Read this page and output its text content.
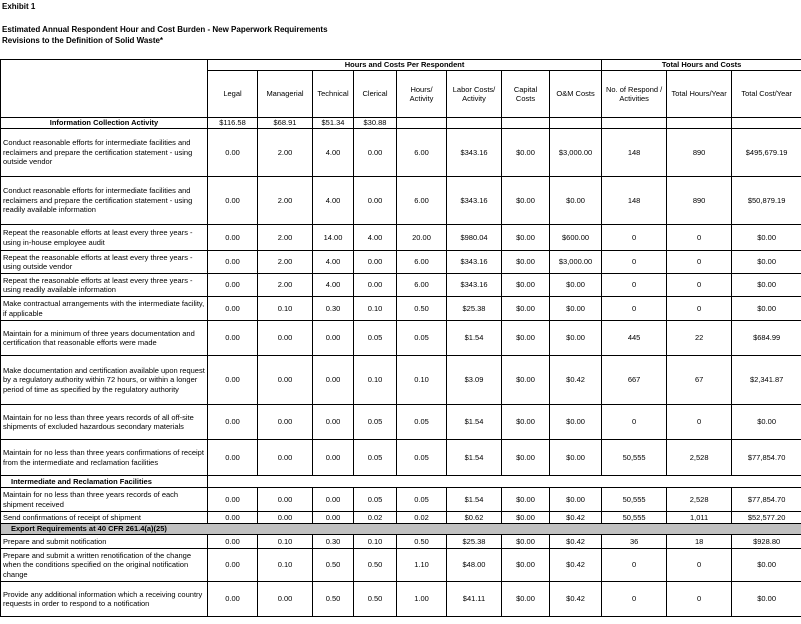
Exhibit 1
Estimated Annual Respondent Hour and Cost Burden - New Paperwork Requirements
Revisions to the Definition of Solid Waste*
	Hours and Costs Per Respondent								Total Hours and Costs		
	Legal	Managerial	Technical	Clerical	Hours/ Activity	Labor Costs/ Activity	Capital Costs	O&M Costs	No. of Respond / Activities	Total Hours/Year	Total Cost/Year
Information Collection Activity	$116.58	$68.91	$51.34	$30.88							
Conduct reasonable efforts for intermediate facilities and reclaimers and prepare the certification statement - using outside vendor	0.00	2.00	4.00	0.00	6.00	$343.16	$0.00	$3,000.00	148	890	$495,679.19
Conduct reasonable efforts for intermediate facilities and reclaimers and prepare the certification statement - using readily available information	0.00	2.00	4.00	0.00	6.00	$343.16	$0.00	$0.00	148	890	$50,879.19
Repeat the reasonable efforts at least every three years - using in-house employee audit	0.00	2.00	14.00	4.00	20.00	$980.04	$0.00	$600.00	0	0	$0.00
Repeat the reasonable efforts at least every three years - using outside vendor	0.00	2.00	4.00	0.00	6.00	$343.16	$0.00	$3,000.00	0	0	$0.00
Repeat the reasonable efforts at least every three years - using readily available information	0.00	2.00	4.00	0.00	6.00	$343.16	$0.00	$0.00	0	0	$0.00
Make contractual arrangements with the intermediate facility, if applicable	0.00	0.10	0.30	0.10	0.50	$25.38	$0.00	$0.00	0	0	$0.00
Maintain for a minimum of three years documentation and certification that reasonable efforts were made	0.00	0.00	0.00	0.05	0.05	$1.54	$0.00	$0.00	445	22	$684.99
Make documentation and certification available upon request by a regulatory authority within 72 hours, or within a longer period of time as specified by the regulatory authority	0.00	0.00	0.00	0.10	0.10	$3.09	$0.00	$0.42	667	67	$2,341.87
Maintain for no less than three years records of all off-site shipments of excluded hazardous secondary materials	0.00	0.00	0.00	0.05	0.05	$1.54	$0.00	$0.00	0	0	$0.00
Maintain for no less than three years confirmations of receipt from the intermediate and reclamation facilities	0.00	0.00	0.00	0.05	0.05	$1.54	$0.00	$0.00	50,555	2,528	$77,854.70
Intermediate and Reclamation Facilities											
Maintain for no less than three years records of each shipment received	0.00	0.00	0.00	0.05	0.05	$1.54	$0.00	$0.00	50,555	2,528	$77,854.70
Send confirmations of receipt of shipment	0.00	0.00	0.00	0.02	0.02	$0.62	$0.00	$0.42	50,555	1,011	$52,577.20
Export Requirements at 40 CFR 261.4(a)(25)											
Prepare and submit notification	0.00	0.10	0.30	0.10	0.50	$25.38	$0.00	$0.42	36	18	$928.80
Prepare and submit a written renotification of the change when the conditions specified on the original notification change	0.00	0.10	0.50	0.50	1.10	$48.00	$0.00	$0.42	0	0	$0.00
Provide any additional information which a receiving country requests in order to respond to a notification	0.00	0.00	0.50	0.50	1.00	$41.11	$0.00	$0.42	0	0	$0.00
